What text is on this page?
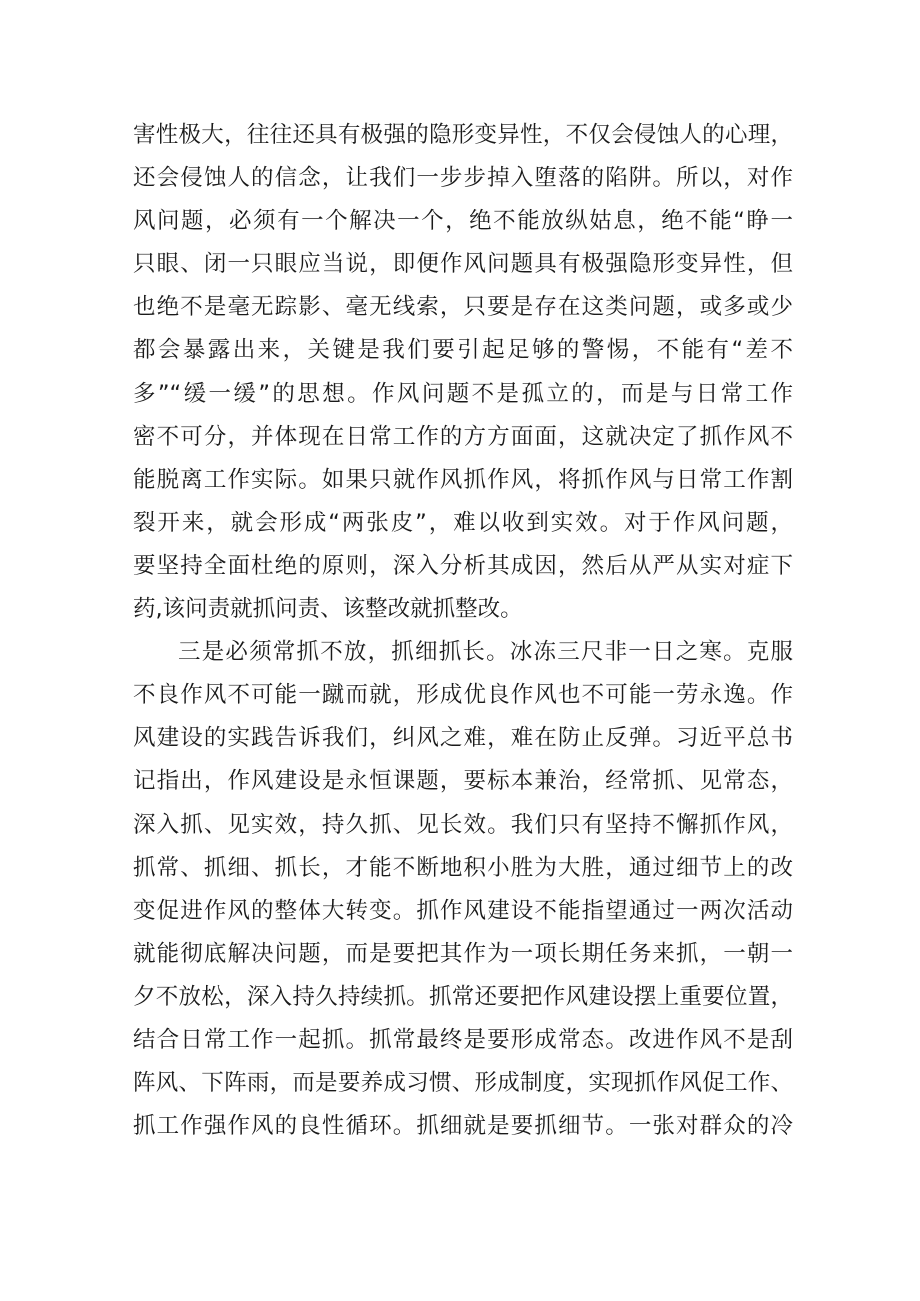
害性极大，往往还具有极强的隐形变异性，不仅会侵蚀人的心理，
还会侵蚀人的信念，让我们一步步掉入堕落的陷阱。所以，对作
风问题，必须有一个解决一个，绝不能放纵姑息，绝不能“睁一
只眼、闭一只眼应当说，即便作风问题具有极强隐形变异性，但
也绝不是毫无踪影、毫无线索，只要是存在这类问题，或多或少
都会暴露出来，关键是我们要引起足够的警惕，不能有“差不
多”“缓一缓”的思想。作风问题不是孤立的，而是与日常工作
密不可分，并体现在日常工作的方方面面，这就决定了抓作风不
能脱离工作实际。如果只就作风抓作风，将抓作风与日常工作割
裂开来，就会形成“两张皮”，难以收到实效。对于作风问题，
要坚持全面杜绝的原则，深入分析其成因，然后从严从实对症下
药,该问责就抓问责、该整改就抓整改。
三是必须常抓不放，抓细抓长。冰冻三尺非一日之寒。克服
不良作风不可能一蹴而就，形成优良作风也不可能一劳永逸。作
风建设的实践告诉我们，纠风之难，难在防止反弹。习近平总书
记指出，作风建设是永恒课题，要标本兼治，经常抓、见常态，
深入抓、见实效，持久抓、见长效。我们只有坚持不懈抓作风，
抓常、抓细、抓长，才能不断地积小胜为大胜，通过细节上的改
变促进作风的整体大转变。抓作风建设不能指望通过一两次活动
就能彻底解决问题，而是要把其作为一项长期任务来抓，一朝一
夕不放松，深入持久持续抓。抓常还要把作风建设摆上重要位置，
结合日常工作一起抓。抓常最终是要形成常态。改进作风不是刮
阵风、下阵雨，而是要养成习惯、形成制度，实现抓作风促工作、
抓工作强作风的良性循环。抓细就是要抓细节。一张对群众的冷
